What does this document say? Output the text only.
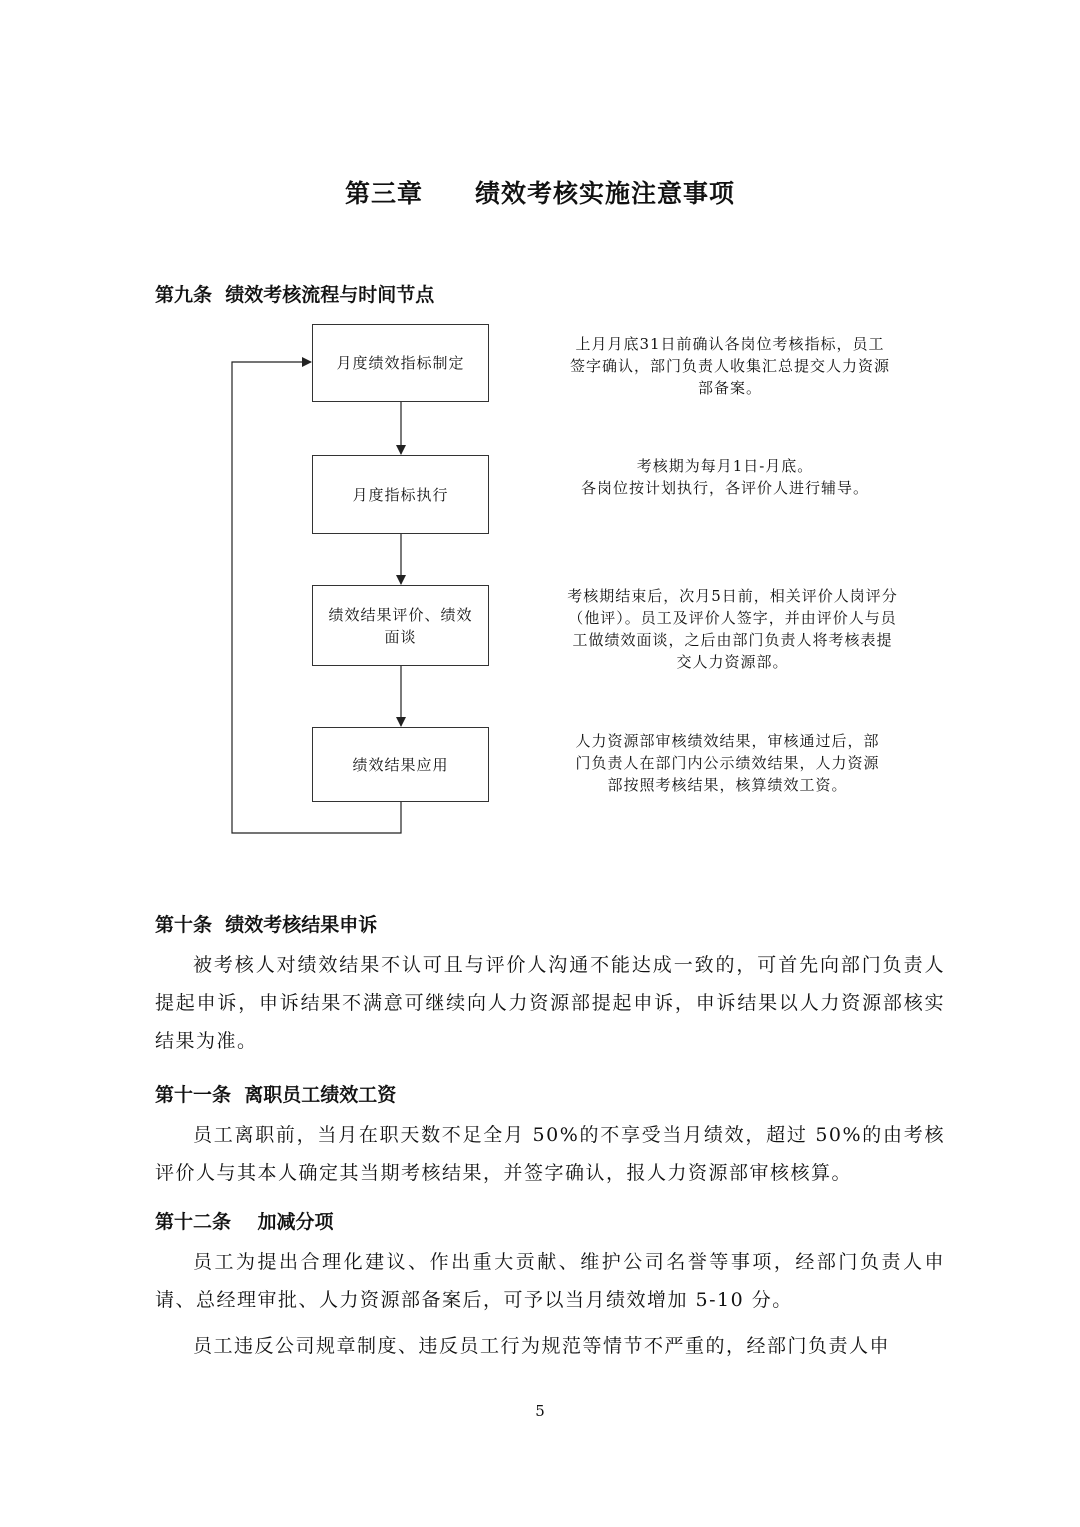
第三章　　绩效考核实施注意事项
第九条  绩效考核流程与时间节点
月度绩效指标制定
月度指标执行
绩效结果评价、绩效面谈
绩效结果应用
上月月底31日前确认各岗位考核指标，员工签字确认，部门负责人收集汇总提交人力资源部备案。
考核期为每月1日-月底。
各岗位按计划执行，各评价人进行辅导。
考核期结束后，次月5日前，相关评价人岗评分（他评）。员工及评价人签字，并由评价人与员工做绩效面谈，之后由部门负责人将考核表提交人力资源部。
人力资源部审核绩效结果，审核通过后，部门负责人在部门内公示绩效结果，人力资源部按照考核结果，核算绩效工资。
第十条  绩效考核结果申诉
被考核人对绩效结果不认可且与评价人沟通不能达成一致的，可首先向部门负责人提起申诉，申诉结果不满意可继续向人力资源部提起申诉，申诉结果以人力资源部核实结果为准。
第十一条  离职员工绩效工资
员工离职前，当月在职天数不足全月 50%的不享受当月绩效，超过 50%的由考核评价人与其本人确定其当期考核结果，并签字确认，报人力资源部审核核算。
第十二条    加减分项
员工为提出合理化建议、作出重大贡献、维护公司名誉等事项，经部门负责人申请、总经理审批、人力资源部备案后，可予以当月绩效增加 5-10 分。
员工违反公司规章制度、违反员工行为规范等情节不严重的，经部门负责人申
5
